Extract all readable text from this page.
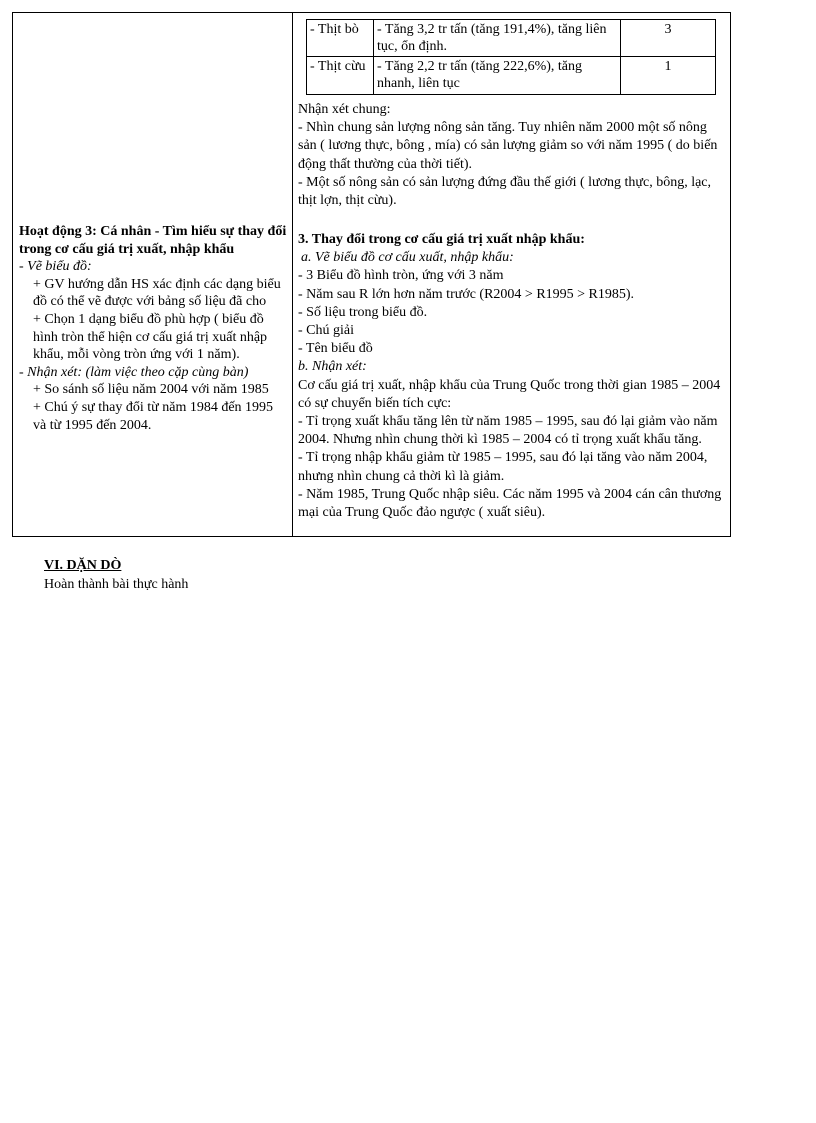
Hoạt động 3: Cá nhân - Tìm hiểu sự thay đổi trong cơ cấu giá trị xuất, nhập khẩu

- Vẽ biểu đồ:

+ GV hướng dẫn HS xác định các dạng biểu đồ có thể vẽ được với bảng số liệu đã cho

+ Chọn 1 dạng biểu đồ phù hợp ( biểu đồ hình tròn thể hiện cơ cấu giá trị xuất nhập khẩu, mỗi vòng tròn ứng với 1 năm).

- Nhận xét: (làm việc theo cặp cùng bàn)

+ So sánh số liệu năm 2004 với năm 1985

+ Chú ý sự thay đổi từ năm 1984 đến 1995 và từ 1995 đến 2004.

- Thịt bò	- Tăng 3,2 tr tấn (tăng 191,4%), tăng liên tục, ổn định.
3
- Thịt cừu - Tăng 2,2 tr tấn (tăng 222,6%), tăng nhanh, liên tục
1

Nhận xét chung:

- Nhìn chung sản lượng nông sản tăng. Tuy nhiên năm 2000 một số nông sản ( lương thực, bông , mía) có sản lượng giảm so với năm 1995 ( do biến động thất thường của thời tiết).

- Một số nông sản có sản lượng đứng đầu thế giới ( lương thực, bông, lạc, thịt lợn, thịt cừu).

3. Thay đổi trong cơ cấu giá trị xuất nhập khẩu:

a. Vẽ biểu đồ cơ cấu xuất, nhập khẩu:

- 3 Biểu đồ hình tròn, ứng với 3 năm

- Năm sau R lớn hơn năm trước (R2004 > R1995 > R1985).

- Số liệu trong biểu đồ.

- Chú giải

- Tên biểu đồ

b. Nhận xét:

Cơ cấu giá trị xuất, nhập khẩu của Trung Quốc trong thời gian 1985 – 2004 có sự chuyển biến tích cực:

- Tỉ trọng xuất khẩu tăng lên từ năm 1985 – 1995, sau đó lại giảm vào năm 2004. Nhưng nhìn chung thời kì 1985 – 2004 có tỉ trọng xuất khẩu tăng.

- Tỉ trọng nhập khẩu giảm từ 1985 – 1995, sau đó lại tăng vào năm 2004, nhưng nhìn chung cả thời kì là giảm.

- Năm 1985, Trung Quốc nhập siêu. Các năm 1995 và 2004 cán cân thương mại của Trung Quốc đảo ngược ( xuất siêu).

VI. DẶN DÒ

Hoàn thành bài thực hành
